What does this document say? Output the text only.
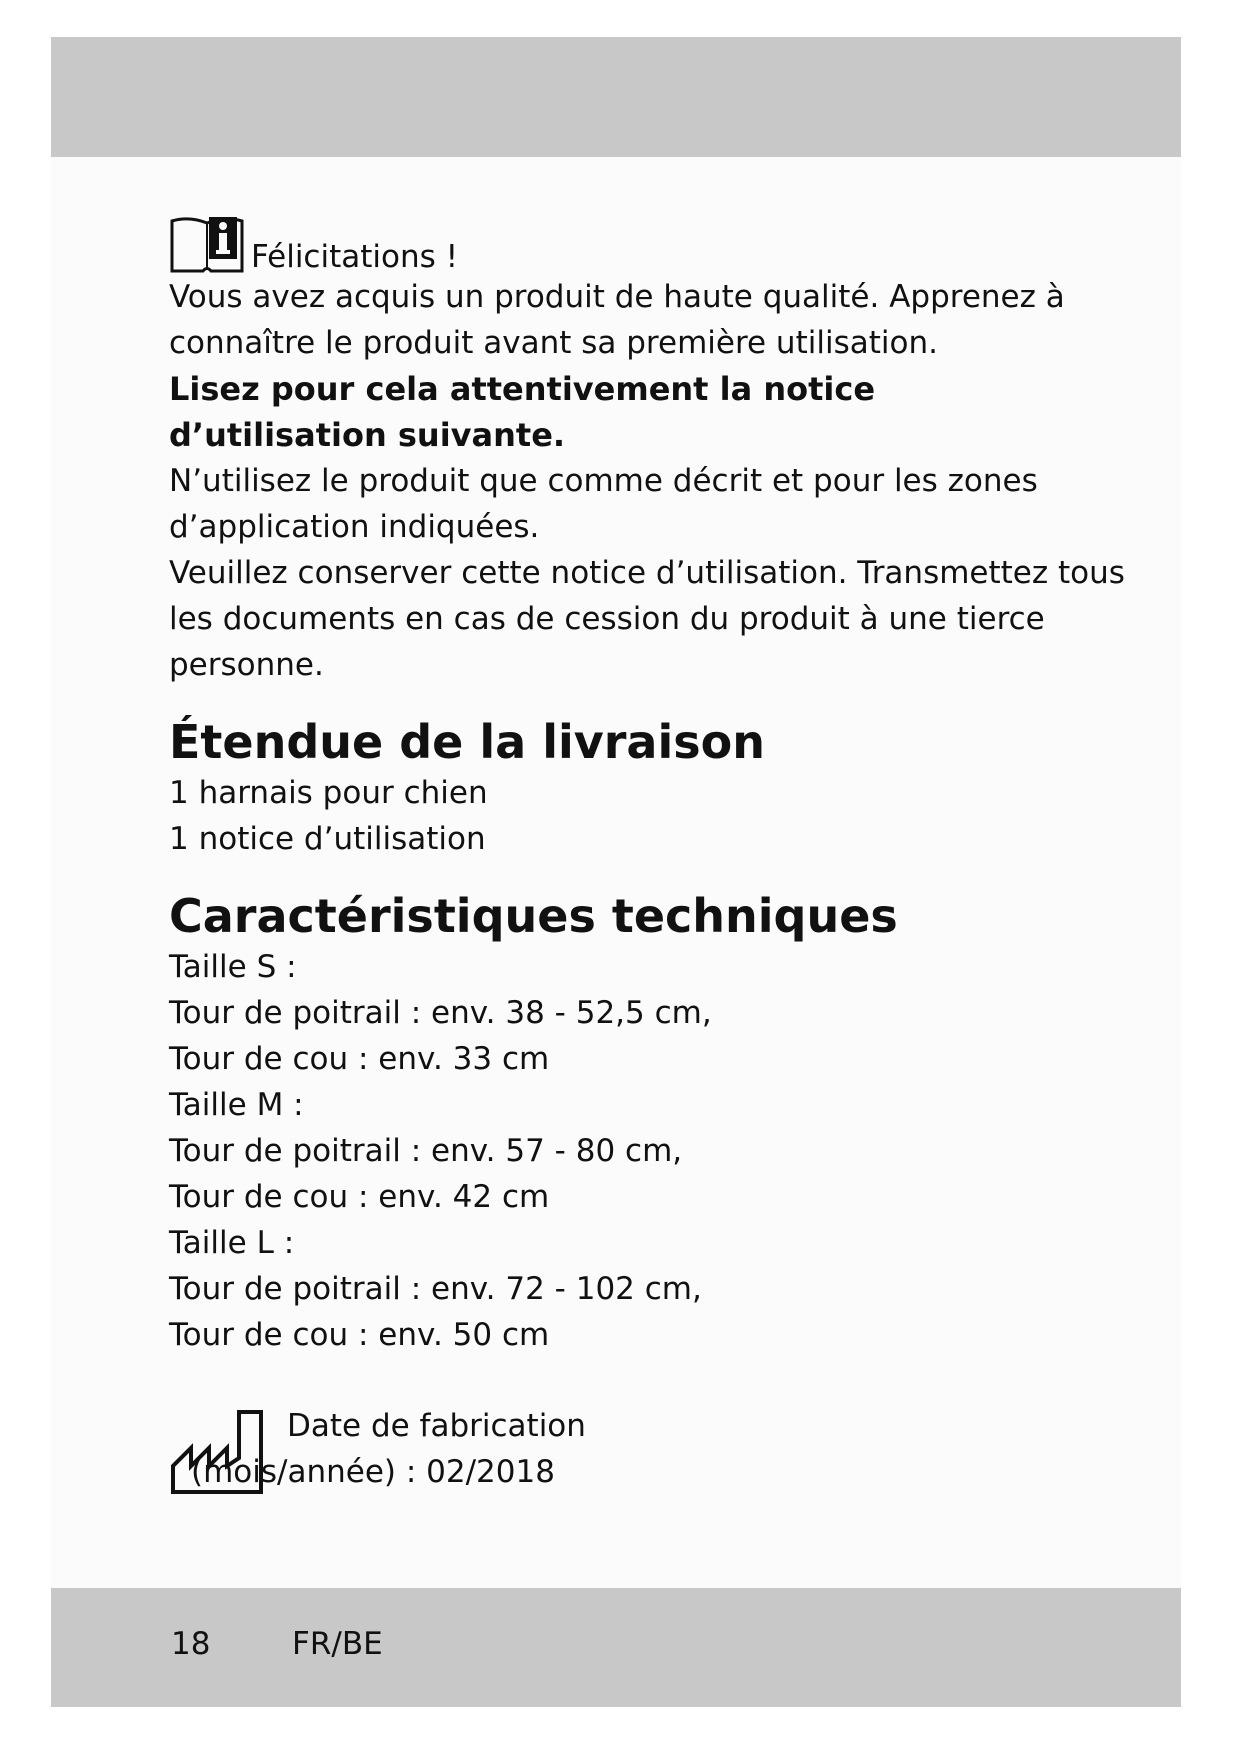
Félicitations !
Vous avez acquis un produit de haute qualité. Apprenez à
connaître le produit avant sa première utilisation.
Lisez pour cela attentivement la notice
d’utilisation suivante.
N’utilisez le produit que comme décrit et pour les zones
d’application indiquées.
Veuillez conserver cette notice d’utilisation. Transmettez tous
les documents en cas de cession du produit à une tierce
personne.
Étendue de la livraison
1 harnais pour chien
1 notice d’utilisation
Caractéristiques techniques
Taille S :
Tour de poitrail : env. 38 - 52,5 cm,
Tour de cou : env. 33 cm
Taille M :
Tour de poitrail : env. 57 - 80 cm,
Tour de cou : env. 42 cm
Taille L :
Tour de poitrail : env. 72 - 102 cm,
Tour de cou : env. 50 cm
Date de fabrication
(mois/année) : 02/2018
18	FR/BE
